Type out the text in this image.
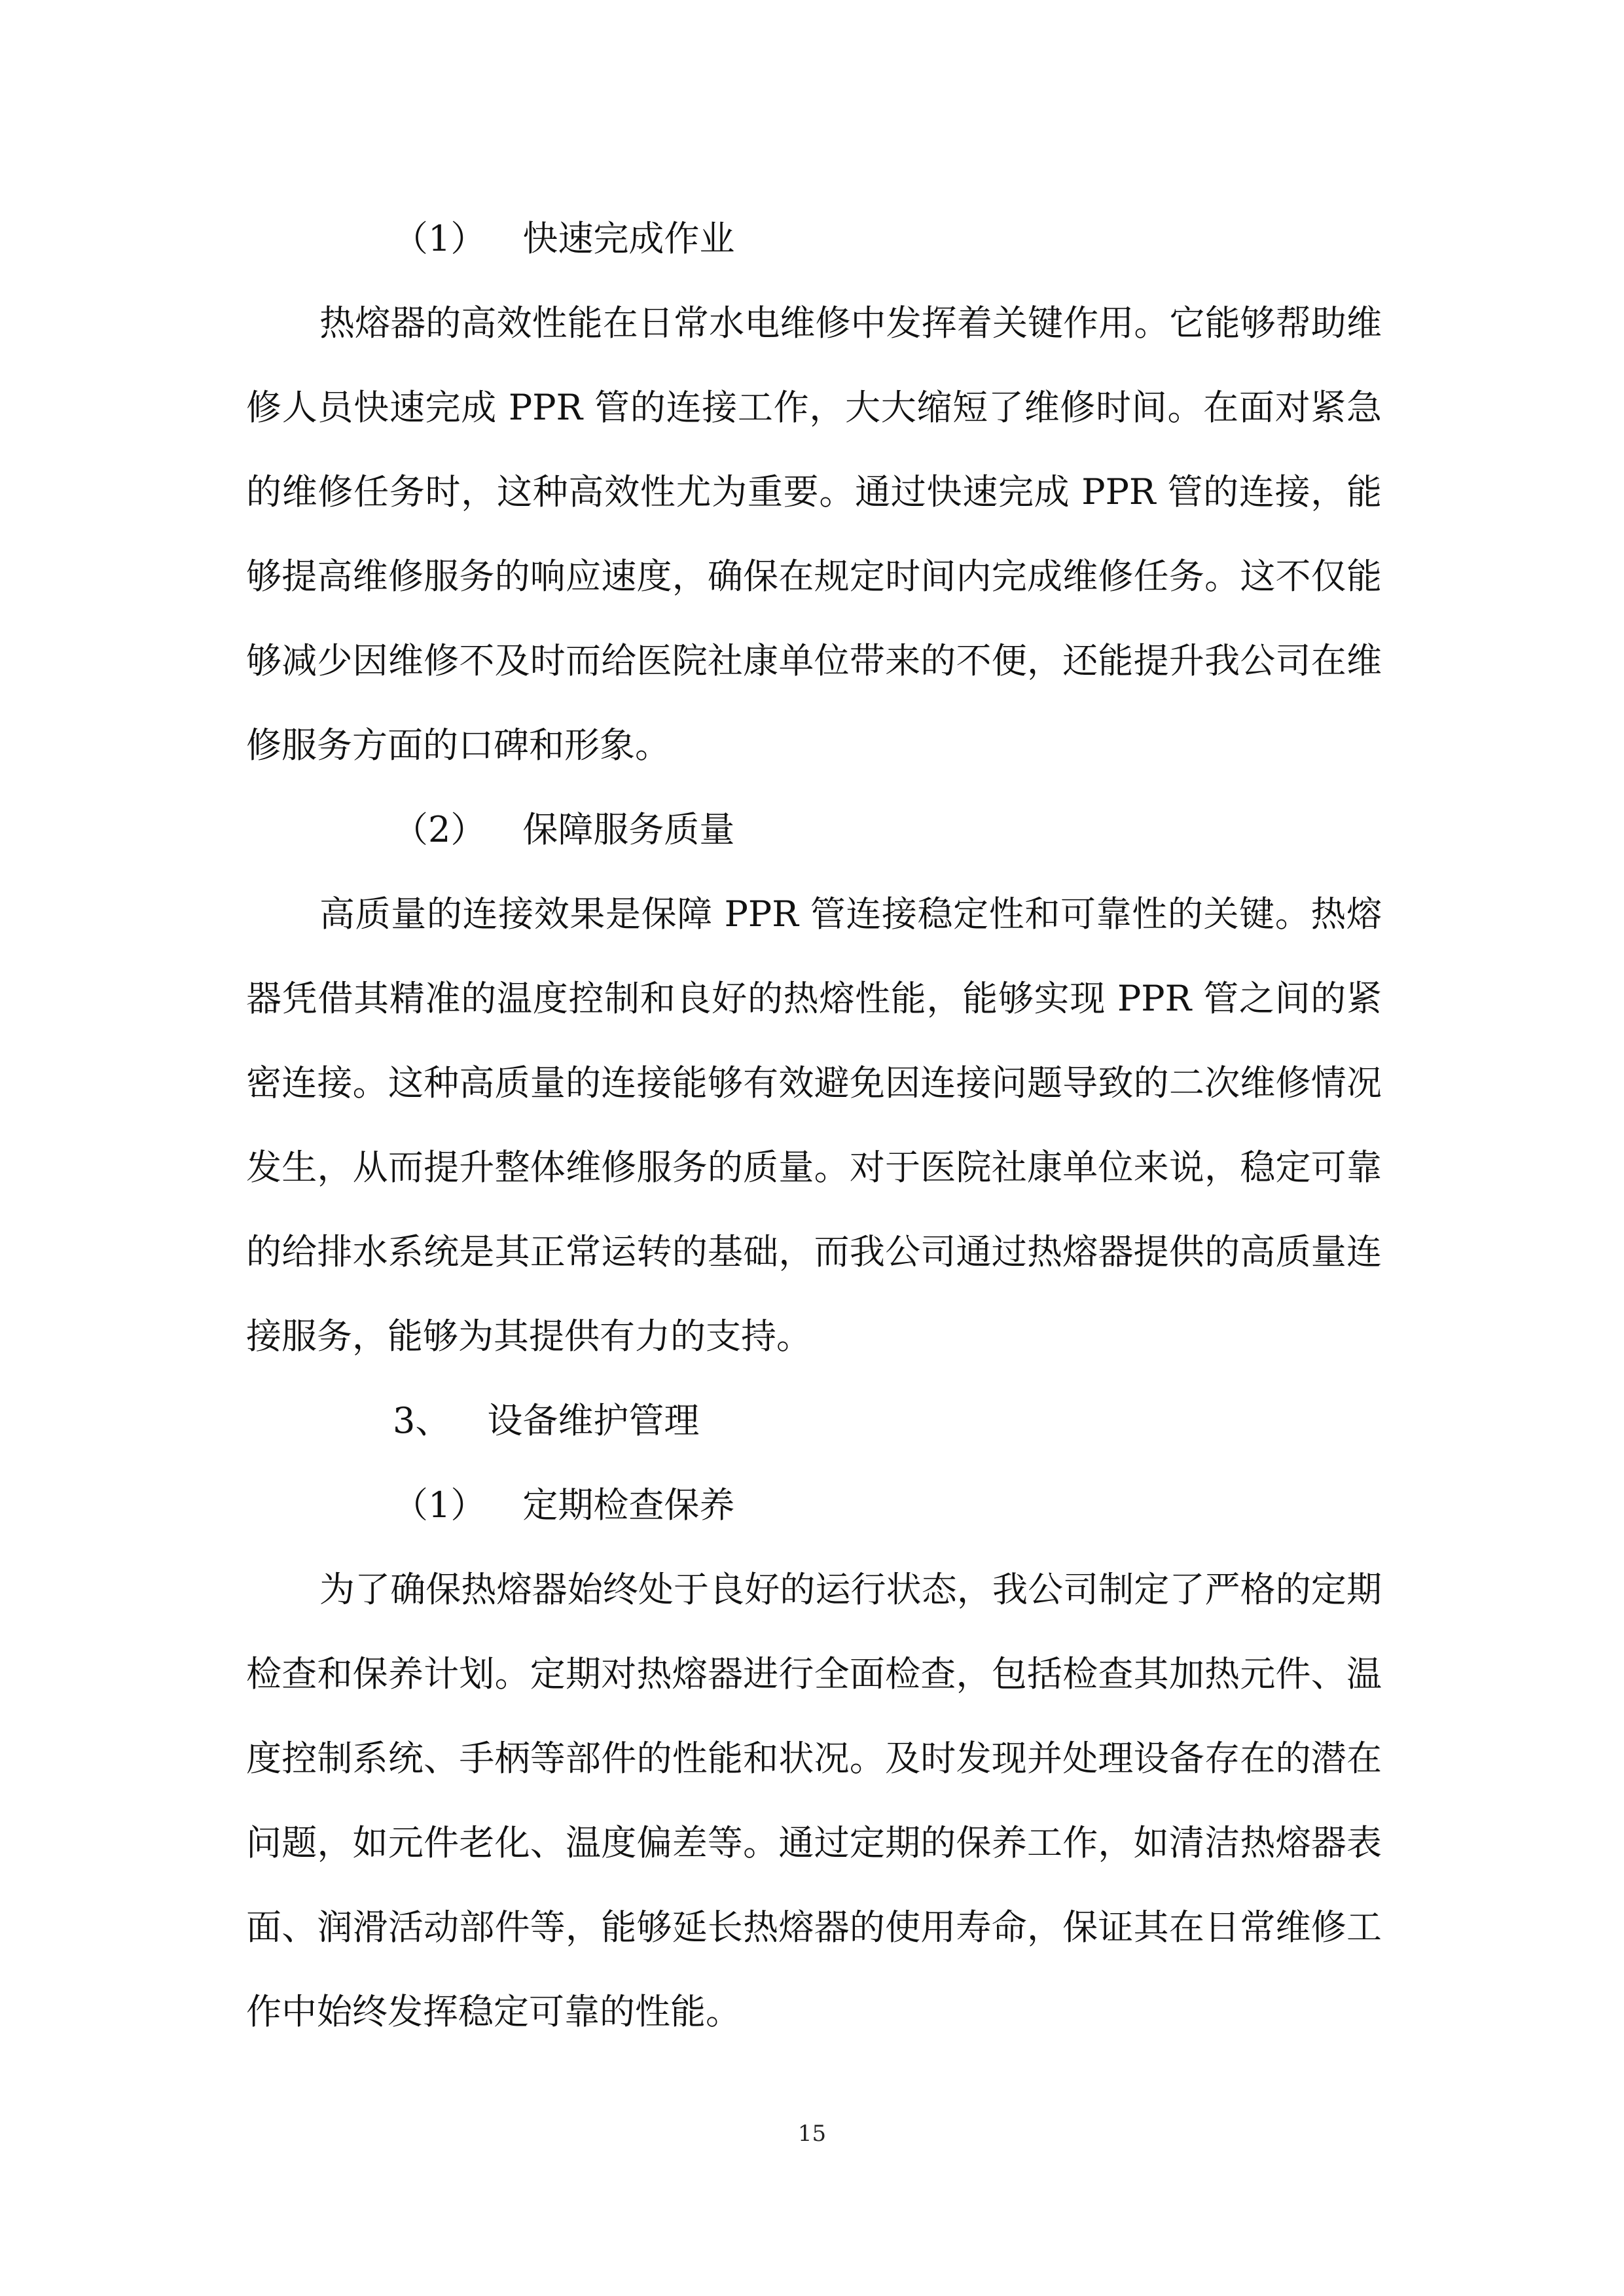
（1） 快速完成作业

热熔器的高效性能在日常水电维修中发挥着关键作用。它能够帮助维修人员快速完成 PPR 管的连接工作，大大缩短了维修时间。在面对紧急的维修任务时，这种高效性尤为重要。通过快速完成 PPR 管的连接，能够提高维修服务的响应速度，确保在规定时间内完成维修任务。这不仅能够减少因维修不及时而给医院社康单位带来的不便，还能提升我公司在维修服务方面的口碑和形象。

（2） 保障服务质量

高质量的连接效果是保障 PPR 管连接稳定性和可靠性的关键。热熔器凭借其精准的温度控制和良好的热熔性能，能够实现 PPR 管之间的紧密连接。这种高质量的连接能够有效避免因连接问题导致的二次维修情况发生，从而提升整体维修服务的质量。对于医院社康单位来说，稳定可靠的给排水系统是其正常运转的基础，而我公司通过热熔器提供的高质量连接服务，能够为其提供有力的支持。

3、 设备维护管理

（1） 定期检查保养

为了确保热熔器始终处于良好的运行状态，我公司制定了严格的定期检查和保养计划。定期对热熔器进行全面检查，包括检查其加热元件、温度控制系统、手柄等部件的性能和状况。及时发现并处理设备存在的潜在问题，如元件老化、温度偏差等。通过定期的保养工作，如清洁热熔器表面、润滑活动部件等，能够延长热熔器的使用寿命，保证其在日常维修工作中始终发挥稳定可靠的性能。

15
